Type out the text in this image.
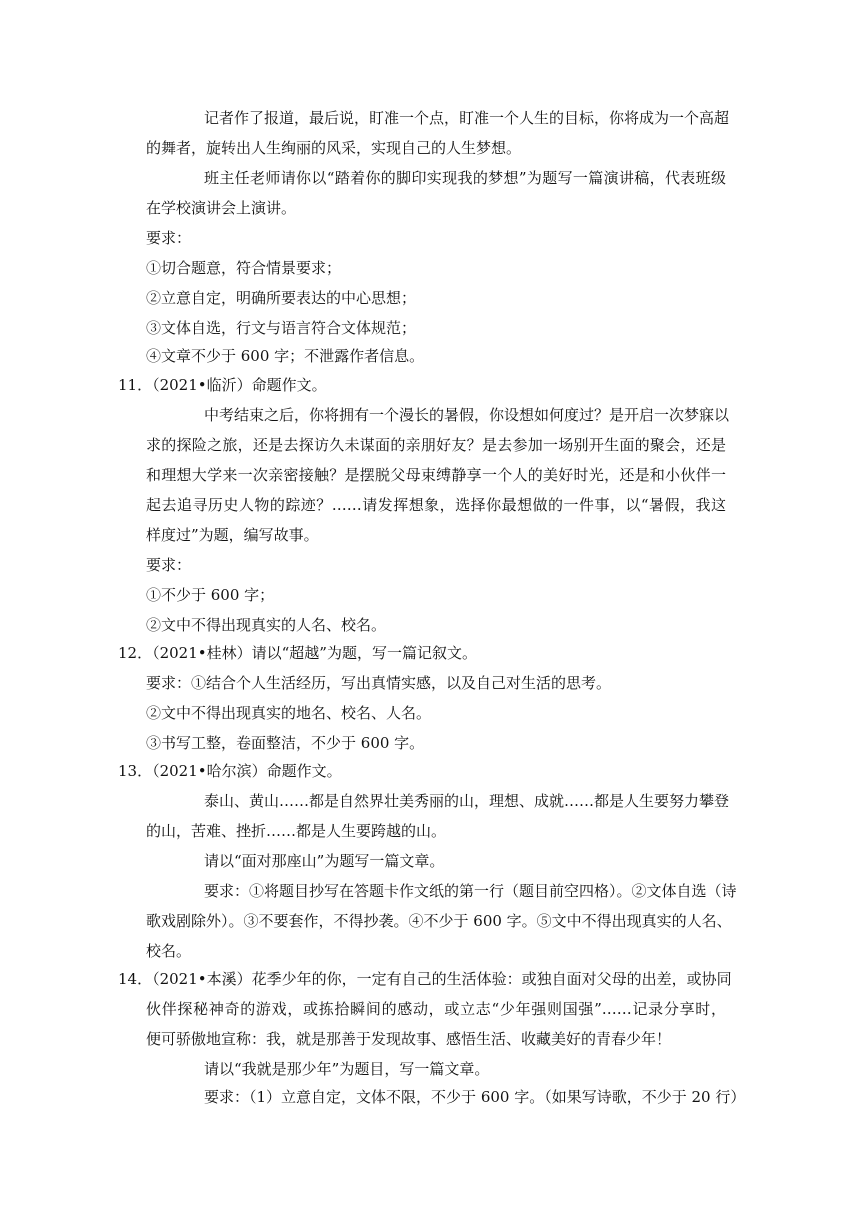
记者作了报道，最后说，盯准一个点，盯准一个人生的目标，你将成为一个高超
的舞者，旋转出人生绚丽的风采，实现自己的人生梦想。
班主任老师请你以“踏着你的脚印实现我的梦想”为题写一篇演讲稿，代表班级
在学校演讲会上演讲。
要求：
①切合题意，符合情景要求；
②立意自定，明确所要表达的中心思想；
③文体自选，行文与语言符合文体规范；
④文章不少于 600 字；不泄露作者信息。
11．（2021•临沂）命题作文。
中考结束之后，你将拥有一个漫长的暑假，你设想如何度过？是开启一次梦寐以
求的探险之旅，还是去探访久未谋面的亲朋好友？是去参加一场别开生面的聚会，还是
和理想大学来一次亲密接触？是摆脱父母束缚静享一个人的美好时光，还是和小伙伴一
起去追寻历史人物的踪迹？……请发挥想象，选择你最想做的一件事，以“暑假，我这
样度过”为题，编写故事。
要求：
①不少于 600 字；
②文中不得出现真实的人名、校名。
12．（2021•桂林）请以“超越”为题，写一篇记叙文。
要求：①结合个人生活经历，写出真情实感，以及自己对生活的思考。
②文中不得出现真实的地名、校名、人名。
③书写工整，卷面整洁，不少于 600 字。
13．（2021•哈尔滨）命题作文。
泰山、黄山……都是自然界壮美秀丽的山，理想、成就……都是人生要努力攀登
的山，苦难、挫折……都是人生要跨越的山。
请以“面对那座山”为题写一篇文章。
要求：①将题目抄写在答题卡作文纸的第一行（题目前空四格）。②文体自选（诗
歌戏剧除外）。③不要套作，不得抄袭。④不少于 600 字。⑤文中不得出现真实的人名、
校名。
14．（2021•本溪）花季少年的你，一定有自己的生活体验：或独自面对父母的出差，或协同
伙伴探秘神奇的游戏，或拣拾瞬间的感动，或立志“少年强则国强”……记录分享时，
便可骄傲地宣称：我，就是那善于发现故事、感悟生活、收藏美好的青春少年！
请以“我就是那少年”为题目，写一篇文章。
要求：（1）立意自定，文体不限，不少于 600 字。（如果写诗歌，不少于 20 行）
